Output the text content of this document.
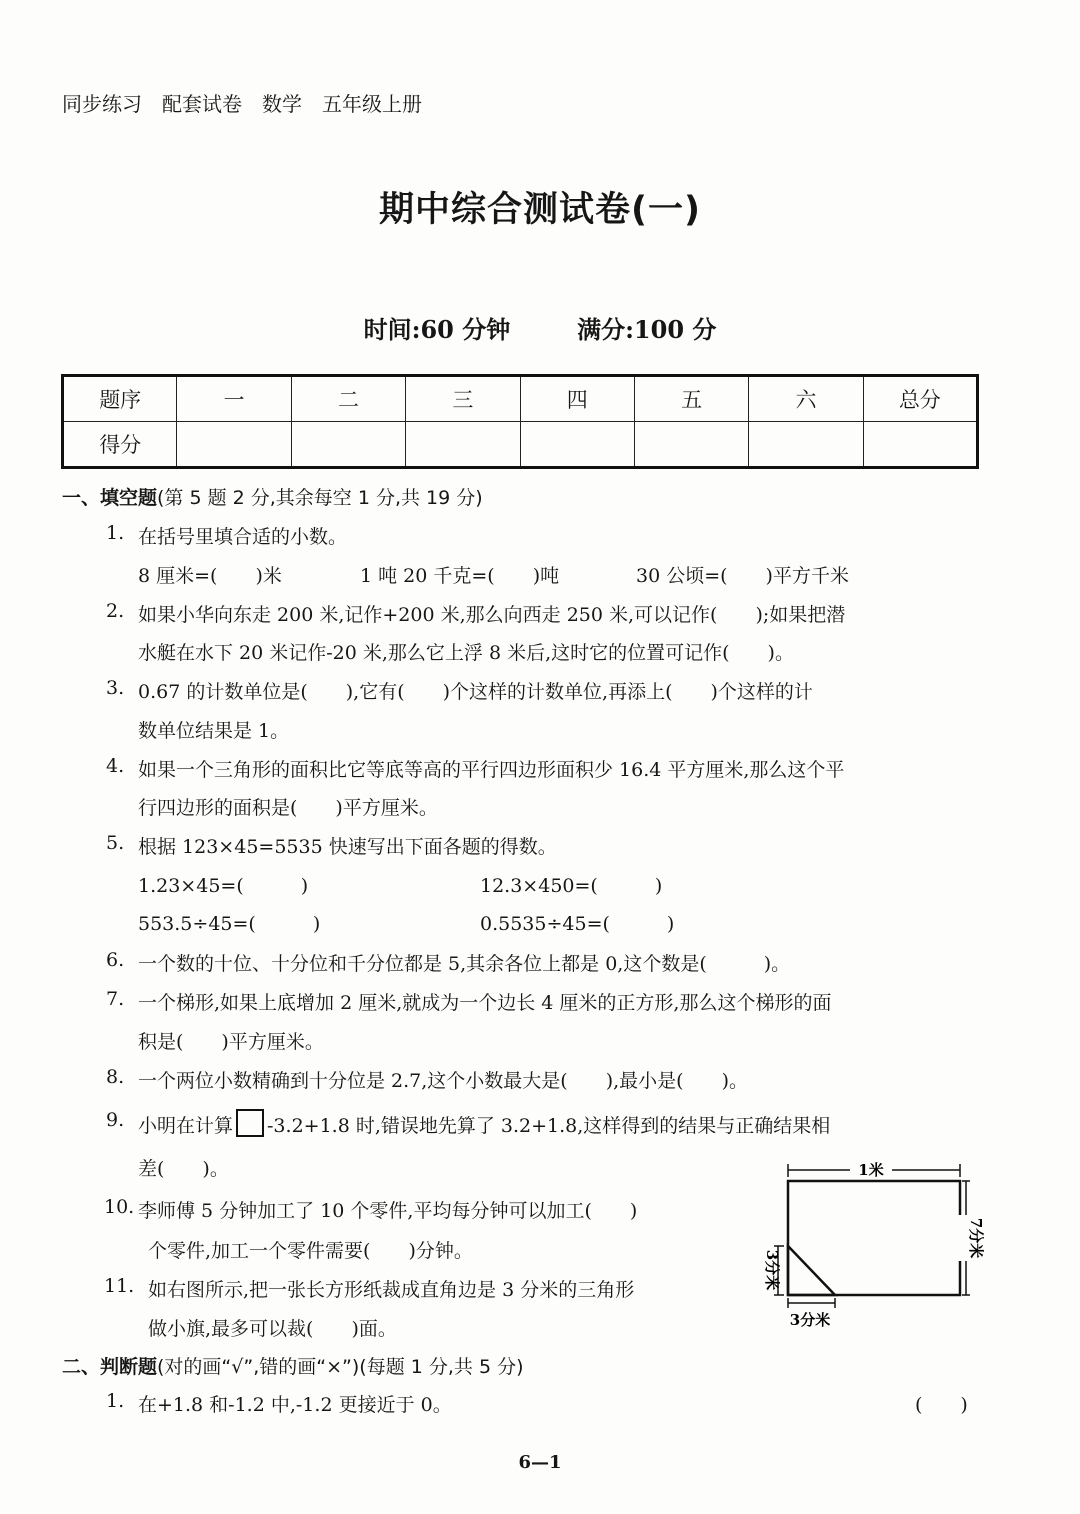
同步练习　配套试卷　数学　五年级上册
期中综合测试卷(一)
时间:60 分钟	满分:100 分
题序	一	二	三	四	五	六	总分
得分							
一、填空题(第 5 题 2 分,其余每空 1 分,共 19 分)
1. 在括号里填合适的小数。
8 厘米=(　　)米	1 吨 20 千克=(　　)吨	30 公顷=(　　)平方千米
2. 如果小华向东走 200 米,记作+200 米,那么向西走 250 米,可以记作(　　);如果把潜
水艇在水下 20 米记作-20 米,那么它上浮 8 米后,这时它的位置可记作(　　)。
3. 0.67 的计数单位是(　　),它有(　　)个这样的计数单位,再添上(　　)个这样的计
数单位结果是 1。
4. 如果一个三角形的面积比它等底等高的平行四边形面积少 16.4 平方厘米,那么这个平
行四边形的面积是(　　)平方厘米。
5. 根据 123×45=5535 快速写出下面各题的得数。
1.23×45=(　　　)	12.3×450=(　　　)
553.5÷45=(　　　)	0.5535÷45=(　　　)
6. 一个数的十位、十分位和千分位都是 5,其余各位上都是 0,这个数是(　　　)。
7. 一个梯形,如果上底增加 2 厘米,就成为一个边长 4 厘米的正方形,那么这个梯形的面
积是(　　)平方厘米。
8. 一个两位小数精确到十分位是 2.7,这个小数最大是(　　),最小是(　　)。
9. 小明在计算 -3.2+1.8 时,错误地先算了 3.2+1.8,这样得到的结果与正确结果相
差(　　)。
10. 李师傅 5 分钟加工了 10 个零件,平均每分钟可以加工(　　)
个零件,加工一个零件需要(　　)分钟。
11. 如右图所示,把一张长方形纸裁成直角边是 3 分米的三角形
做小旗,最多可以裁(　　)面。
1米
7分米
3分米
3分米
二、判断题(对的画“√”,错的画“×”)(每题 1 分,共 5 分)
1. 在+1.8 和-1.2 中,-1.2 更接近于 0。	(　　)
6—1
